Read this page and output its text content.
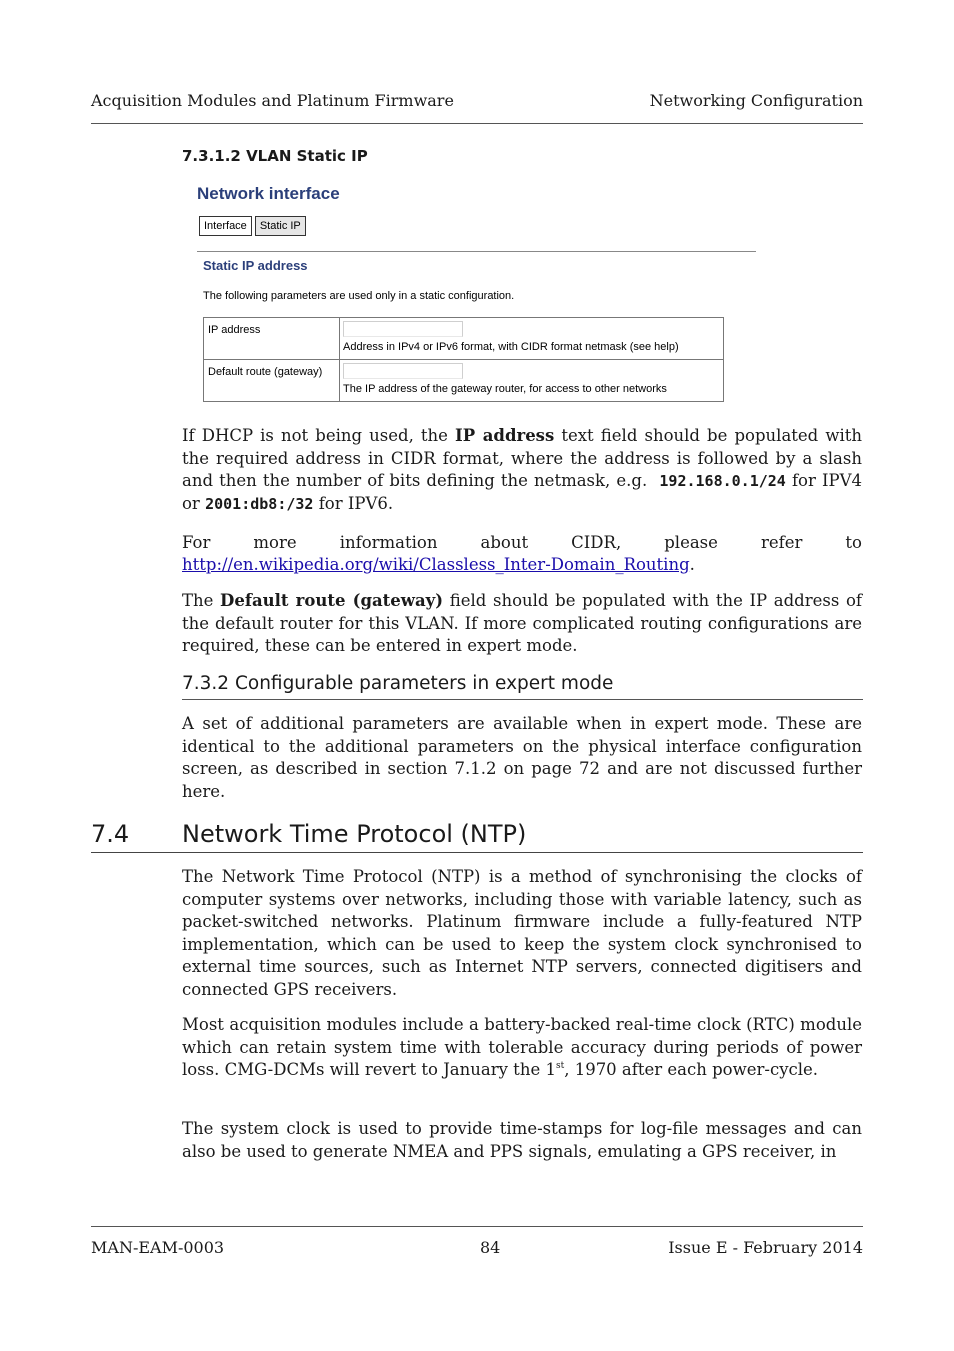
Acquisition Modules and Platinum Firmware	Networking Configuration
7.3.1.2 VLAN Static IP
Network interface
Interface	Static IP
Static IP address
The following parameters are used only in a static configuration.
IP address	Address in IPv4 or IPv6 format, with CIDR format netmask (see help)

Default route (gateway)	The IP address of the gateway router, for access to other networks
If DHCP is not being used, the IP address text field should be populated with the required address in CIDR format, where the address is followed by a slash and then the number of bits defining the netmask, e.g.  192.168.0.1/24 for IPV4 or 2001:db8:/32 for IPV6.
For more information about CIDR, please refer to
http://en.wikipedia.org/wiki/Classless_Inter-Domain_Routing.
The Default route (gateway) field should be populated with the IP address of the default router for this VLAN. If more complicated routing configurations are required, these can be entered in expert mode.
7.3.2 Configurable parameters in expert mode
A set of additional parameters are available when in expert mode. These are identical to the additional parameters on the physical interface configuration screen, as described in section 7.1.2 on page 72 and are not discussed further here.
7.4 Network Time Protocol (NTP)
The Network Time Protocol (NTP) is a method of synchronising the clocks of computer systems over networks, including those with variable latency, such as packet-switched networks. Platinum firmware include a fully-featured NTP implementation, which can be used to keep the system clock synchronised to external time sources, such as Internet NTP servers, connected digitisers and connected GPS receivers.
Most acquisition modules include a battery-backed real-time clock (RTC) module which can retain system time with tolerable accuracy during periods of power loss. CMG-DCMs will revert to January the 1st, 1970 after each power-cycle.
The system clock is used to provide time-stamps for log-file messages and can also be used to generate NMEA and PPS signals, emulating a GPS receiver, in
MAN-EAM-0003	84	Issue E - February 2014
